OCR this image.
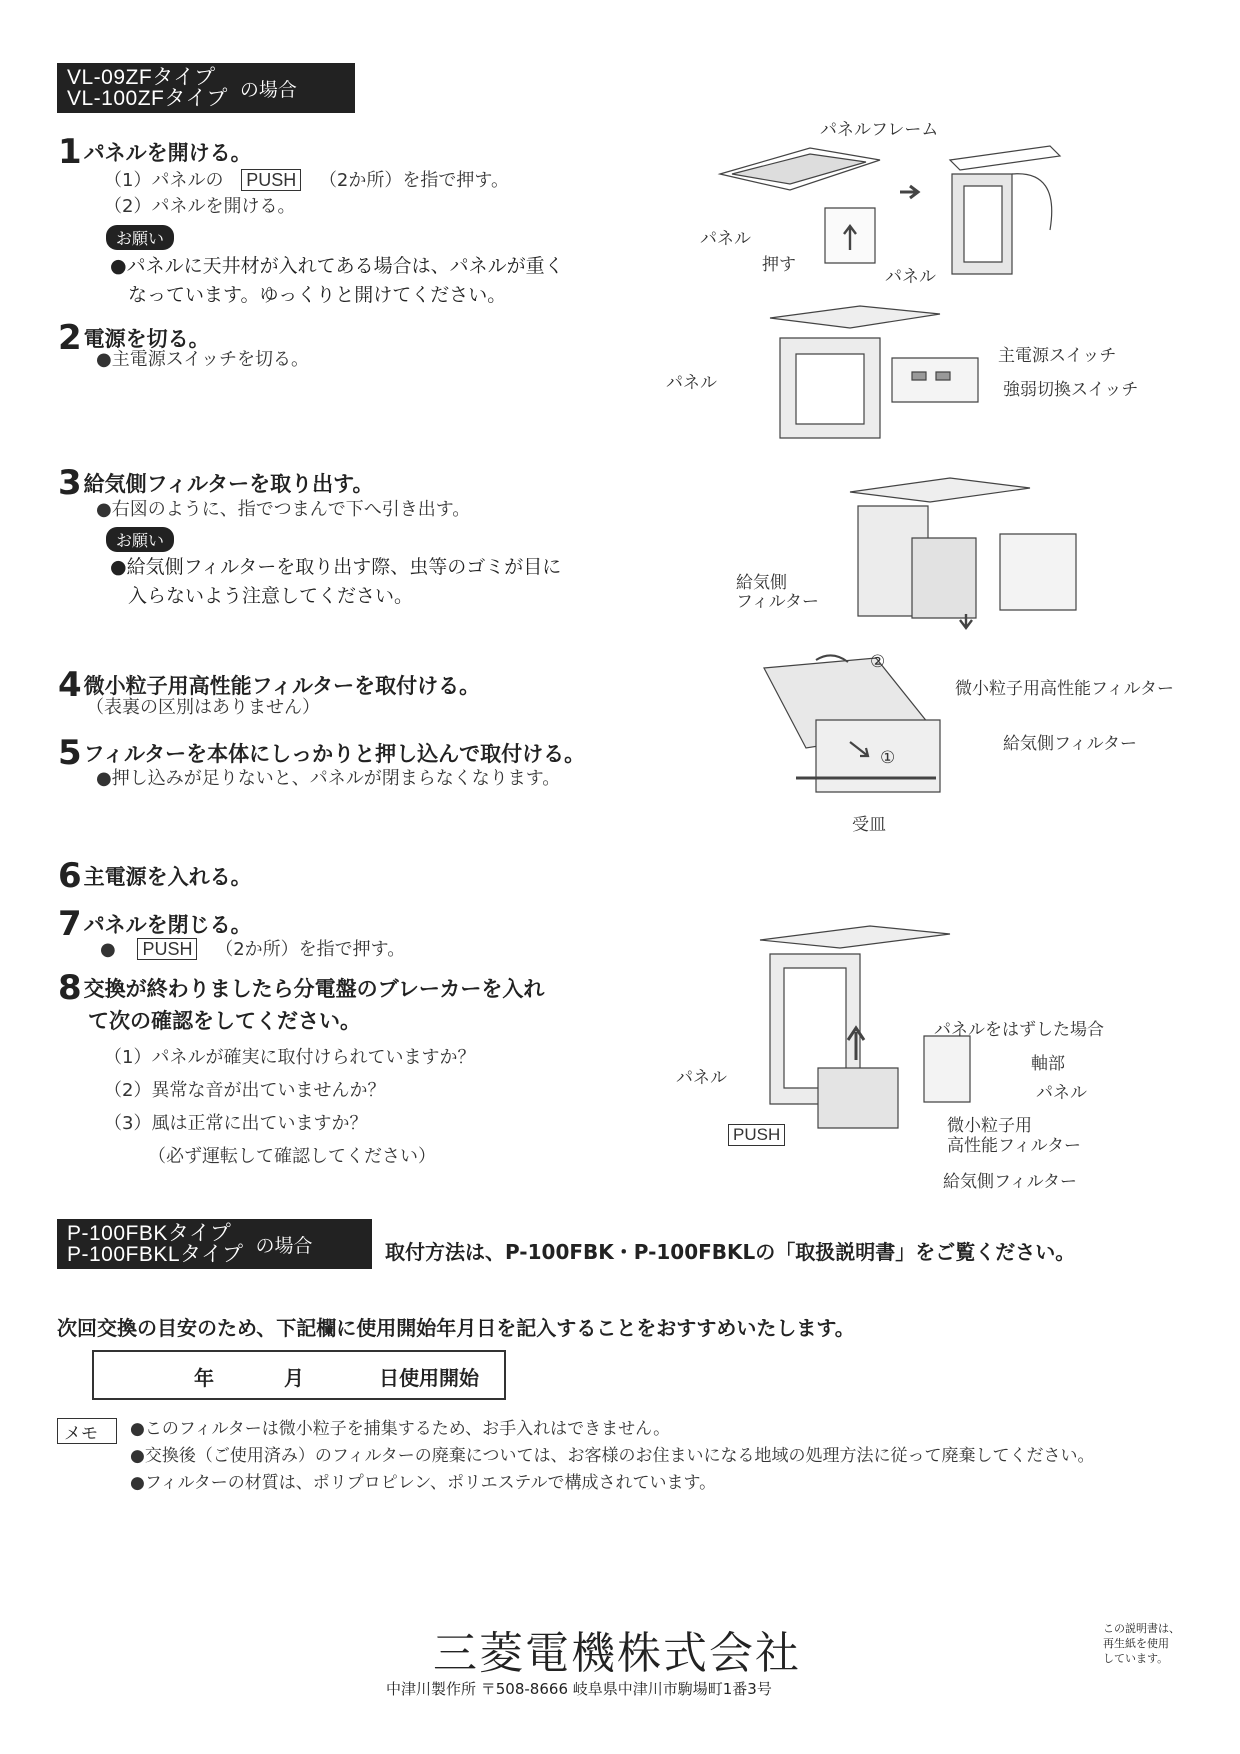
VL-09ZFタイプ
VL-100ZFタイプ の場合
1パネルを開ける。
（1）パネルの PUSH （2か所）を指で押す。
（2）パネルを開ける。
お願い
●パネルに天井材が入れてある場合は、パネルが重く
なっています。ゆっくりと開けてください。
2電源を切る。
●主電源スイッチを切る。
3給気側フィルターを取り出す。
●右図のように、指でつまんで下へ引き出す。
お願い
●給気側フィルターを取り出す際、虫等のゴミが目に
入らないよう注意してください。
4微小粒子用高性能フィルターを取付ける。
（表裏の区別はありません）
5フィルターを本体にしっかりと押し込んで取付ける。
●押し込みが足りないと、パネルが閉まらなくなります。
6主電源を入れる。
7パネルを閉じる。
● PUSH （2か所）を指で押す。
8交換が終わりましたら分電盤のブレーカーを入れ
て次の確認をしてください。
（1）パネルが確実に取付けられていますか？
（2）異常な音が出ていませんか？
（3）風は正常に出ていますか？
（必ず運転して確認してください）
パネルフレーム
パネル
押す
パネル
パネル
主電源スイッチ
強弱切換スイッチ
給気側
フィルター
①
②
微小粒子用高性能フィルター
給気側フィルター
受皿
パネルをはずした場合
軸部
パネル
パネル
PUSH	微小粒子用
高性能フィルター
給気側フィルター
P-100FBKタイプ
P-100FBKLタイプ の場合	取付方法は、P-100FBK・P-100FBKLの「取扱説明書」をご覧ください。
次回交換の目安のため、下記欄に使用開始年月日を記入することをおすすめいたします。
年	月	日使用開始
メモ ●このフィルターは微小粒子を捕集するため、お手入れはできません。
●交換後（ご使用済み）のフィルターの廃棄については、お客様のお住まいになる地域の処理方法に従って廃棄してください。
●フィルターの材質は、ポリプロピレン、ポリエステルで構成されています。
三菱電機株式会社
中津川製作所 〒508-8666 岐阜県中津川市駒場町1番3号
この説明書は、
再生紙を使用
しています。
